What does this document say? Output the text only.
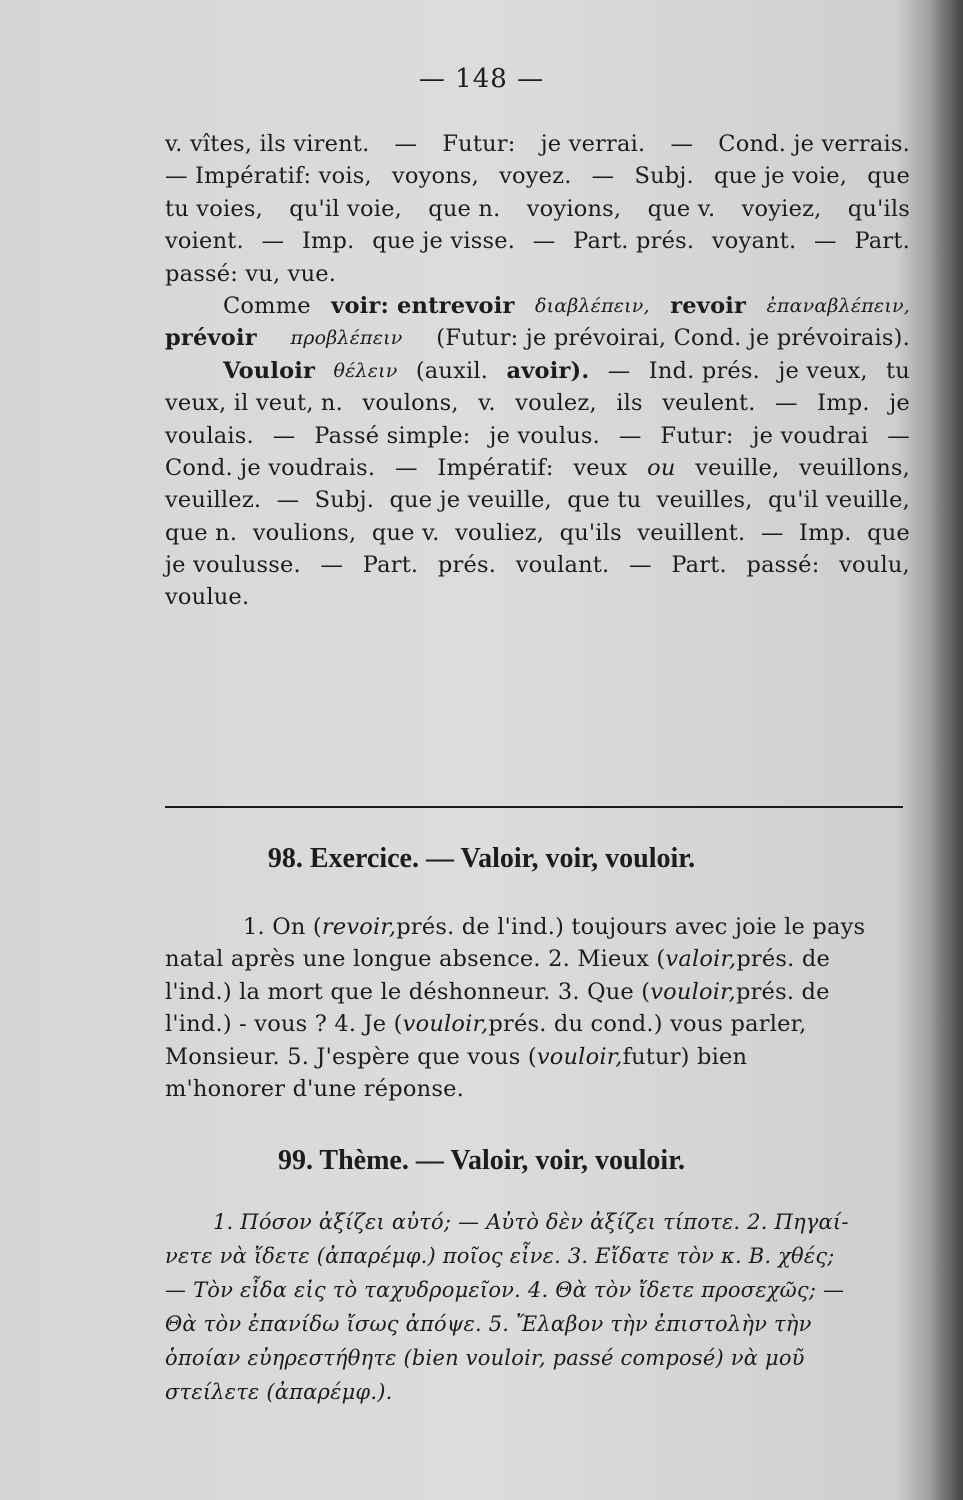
— 148 —
v. vîtes, ils virent. — Futur: je verrai. — Cond. je verrais.
— Impératif: vois, voyons, voyez. — Subj. que je voie, que
tu voies, qu'il voie, que n. voyions, que v. voyiez, qu'ils
voient. — Imp. que je visse. — Part. prés. voyant. — Part.
passé: vu, vue.
Comme voir: entrevoir διαβλέπειν, revoir ἐπαναβλέπειν,
prévoir προβλέπειν (Futur: je prévoirai, Cond. je prévoirais).
Vouloir θέλειν (auxil. avoir). — Ind. prés. je veux, tu
veux, il veut, n. voulons, v. voulez, ils veulent. — Imp. je
voulais. — Passé simple: je voulus. — Futur: je voudrai —
Cond. je voudrais. — Impératif: veux ou veuille, veuillons,
veuillez. — Subj. que je veuille, que tu veuilles, qu'il veuille,
que n. voulions, que v. vouliez, qu'ils veuillent. — Imp. que
je voulusse. — Part. prés. voulant. — Part. passé: voulu,
voulue.
98. Exercice. — Valoir, voir, vouloir.
1. On ( revoir, prés. de l'ind.) toujours avec joie le pays
natal après une longue absence. 2. Mieux ( valoir, prés. de
l'ind.) la mort que le déshonneur. 3. Que ( vouloir, prés. de
l'ind.) - vous ? 4. Je ( vouloir, prés. du cond.) vous parler,
Monsieur. 5. J'espère que vous ( vouloir, futur) bien
m'honorer d'une réponse.
99. Thème. — Valoir, voir, vouloir.
1. Πόσον ἀξίζει αὐτό; — Αὐτὸ δὲν ἀξίζει τίποτε. 2. Πηγαί-
νετε νὰ ἴδετε (ἀπαρέμφ.) ποῖος εἶνε. 3. Εἴδατε τὸν κ. Β. χθές;
— Τὸν εἶδα εἰς τὸ ταχυδρομεῖον. 4. Θὰ τὸν ἴδετε προσεχῶς; —
Θὰ τὸν ἐπανίδω ἴσως ἀπόψε. 5. Ἔλαβον τὴν ἐπιστολὴν τὴν
ὁποίαν εὐηρεστήθητε (bien vouloir, passé composé) νὰ μοῦ
στείλετε (ἀπαρέμφ.).
